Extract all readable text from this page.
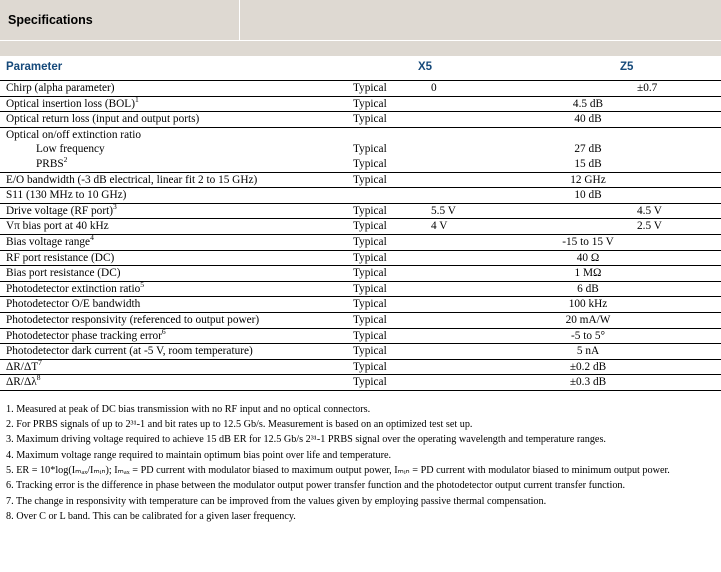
Specifications
Parameter	X5	Z5
Chirp (alpha parameter)	Typical	0	±0.7
Optical insertion loss (BOL)$^1$	Typical	4.5 dB	
Optical return loss (input and output ports)	Typical	40 dB	
Optical on/off extinction ratio			
Low frequency	Typical	27 dB	
PRBS$^2$	Typical	15 dB	
E/O bandwidth (-3 dB electrical, linear fit 2 to 15 GHz)	Typical	12 GHz	
S11 (130 MHz to 10 GHz)		10 dB	
Drive voltage (RF port)$^3$	Typical	5.5 V	4.5 V
Vπ bias port at 40 kHz	Typical	4 V	2.5 V
Bias voltage range$^4$	Typical	-15 to 15 V	
RF port resistance (DC)	Typical	40 Ω	
Bias port resistance (DC)	Typical	1 MΩ	
Photodetector extinction ratio$^5$	Typical	6 dB	
Photodetector O/E bandwidth	Typical	100 kHz	
Photodetector responsivity (referenced to output power)	Typical	20 mA/W	
Photodetector phase tracking error$^6$	Typical	-5 to 5°	
Photodetector dark current (at -5 V, room temperature)	Typical	5 nA	
$\Delta R/\Delta T^7$	Typical	±0.2 dB	
$\Delta R/\Delta\lambda^8$	Typical	±0.3 dB	
1. Measured at peak of DC bias transmission with no RF input and no optical connectors.
2. For PRBS signals of up to 2³¹-1 and bit rates up to 12.5 Gb/s. Measurement is based on an optimized test set up.
3. Maximum driving voltage required to achieve 15 dB ER for 12.5 Gb/s 2³¹-1 PRBS signal over the operating wavelength and temperature ranges.
4. Maximum voltage range required to maintain optimum bias point over life and temperature.
5. ER = 10*log(Iₘₐₓ/Iₘᵢₙ); Iₘₐₓ = PD current with modulator biased to maximum output power, Iₘᵢₙ = PD current with modulator biased to minimum output power.
6. Tracking error is the difference in phase between the modulator output power transfer function and the photodetector output current transfer function.
7. The change in responsivity with temperature can be improved from the values given by employing passive thermal compensation.
8. Over C or L band. This can be calibrated for a given laser frequency.
